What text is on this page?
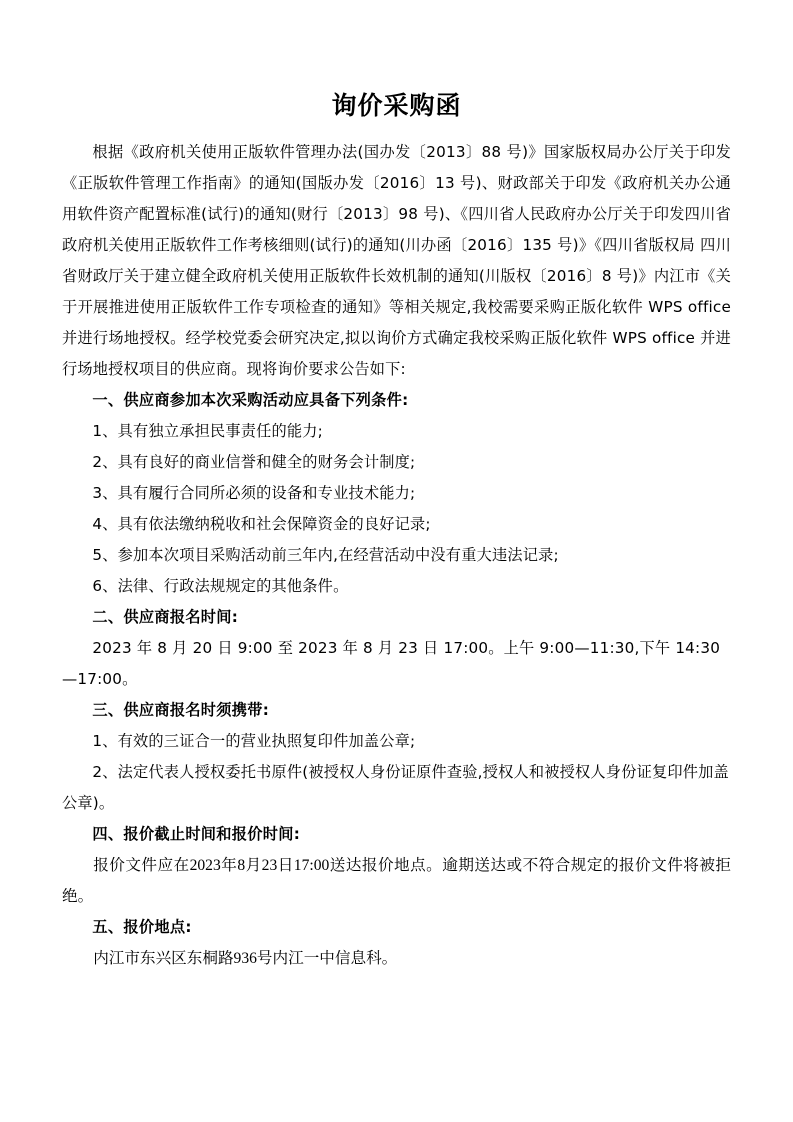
询价采购函

根据《政府机关使用正版软件管理办法(国办发〔2013〕88 号)》国家版权局办公厅关于印发《正版软件管理工作指南》的通知(国版办发〔2016〕13 号)、财政部关于印发《政府机关办公通用软件资产配置标准(试行)的通知(财行〔2013〕98 号)、《四川省人民政府办公厅关于印发四川省政府机关使用正版软件工作考核细则(试行)的通知(川办函〔2016〕135 号)》《四川省版权局 四川省财政厅关于建立健全政府机关使用正版软件长效机制的通知(川版权〔2016〕8 号)》内江市《关于开展推进使用正版软件工作专项检查的通知》等相关规定,我校需要采购正版化软件 WPS office 并进行场地授权。经学校党委会研究决定,拟以询价方式确定我校采购正版化软件 WPS office 并进行场地授权项目的供应商。现将询价要求公告如下:

一、供应商参加本次采购活动应具备下列条件:

1、具有独立承担民事责任的能力;

2、具有良好的商业信誉和健全的财务会计制度;

3、具有履行合同所必须的设备和专业技术能力;

4、具有依法缴纳税收和社会保障资金的良好记录;

5、参加本次项目采购活动前三年内,在经营活动中没有重大违法记录;

6、法律、行政法规规定的其他条件。

二、供应商报名时间:

2023 年 8 月 20 日 9:00 至 2023 年 8 月 23 日 17:00。上午 9:00—11:30,下午 14:30—17:00。

三、供应商报名时须携带:

1、有效的三证合一的营业执照复印件加盖公章;

2、法定代表人授权委托书原件(被授权人身份证原件查验,授权人和被授权人身份证复印件加盖公章)。

四、报价截止时间和报价时间:

报价文件应在2023年8月23日17:00送达报价地点。逾期送达或不符合规定的报价文件将被拒绝。

五、报价地点:

内江市东兴区东桐路936号内江一中信息科。
